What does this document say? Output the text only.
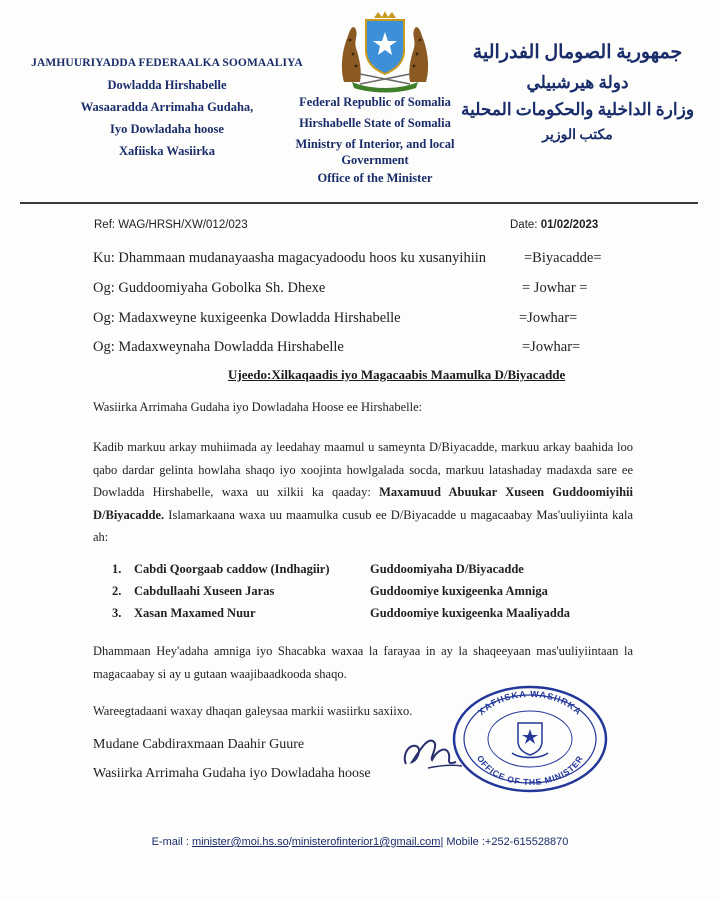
JAMHUURIYADDA FEDERAALKA SOOMAALIYA
Dowladda Hirshabelle
Wasaaradda Arrimaha Gudaha,
Iyo Dowladaha hoose
Xafiiska Wasiirka
Federal Republic of Somalia
Hirshabelle State of Somalia
Ministry of Interior, and local
Government
Office of the Minister
جمهورية الصومال الفدرالية
دولة هيرشبيلي
وزارة الداخلية والحكومات المحلية
مكتب الوزير
Ref: WAG/HRSH/XW/012/023	Date: 01/02/2023
Ku: Dhammaan mudanayaasha magacyadoodu hoos ku xusanyihiin	=Biyacadde=
Og: Guddoomiyaha Gobolka Sh. Dhexe	= Jowhar =
Og: Madaxweyne kuxigeenka Dowladda Hirshabelle	=Jowhar=
Og: Madaxweynaha Dowladda Hirshabelle	=Jowhar=
Ujeedo:Xilkaqaadis iyo Magacaabis Maamulka D/Biyacadde
Wasiirka Arrimaha Gudaha iyo Dowladaha Hoose ee Hirshabelle:
Kadib markuu arkay muhiimada ay leedahay maamul u sameynta D/Biyacadde, markuu arkay baahida loo qabo dardar gelinta howlaha shaqo iyo xoojinta howlgalada socda, markuu latashaday madaxda sare ee Dowladda Hirshabelle, waxa uu xilkii ka qaaday: Maxamuud Abuukar Xuseen Guddoomiyihii D/Biyacadde. Islamarkaana waxa uu maamulka cusub ee D/Biyacadde u magacaabay Mas'uuliyiinta kala ah:
1. Cabdi Qoorgaab caddow (Indhagiir)	Guddoomiyaha D/Biyacadde
2. Cabdullaahi Xuseen Jaras	Guddoomiye kuxigeenka Amniga
3. Xasan Maxamed Nuur	Guddoomiye kuxigeenka Maaliyadda
Dhammaan Hey'adaha amniga iyo Shacabka waxaa la farayaa in ay la shaqeeyaan mas'uuliyiintaan la magacaabay si ay u gutaan waajibaadkooda shaqo.
Wareegtadaani waxay dhaqan galeysaa markii wasiirku saxiixo.
Mudane Cabdiraxmaan Daahir Guure
Wasiirka Arrimaha Gudaha iyo Dowladaha hoose
XAFIISKA WASIIRKA
OFFICE OF THE MINISTER
E-mail : minister@moi.hs.so/ministerofinterior1@gmail.com| Mobile :+252-615528870
